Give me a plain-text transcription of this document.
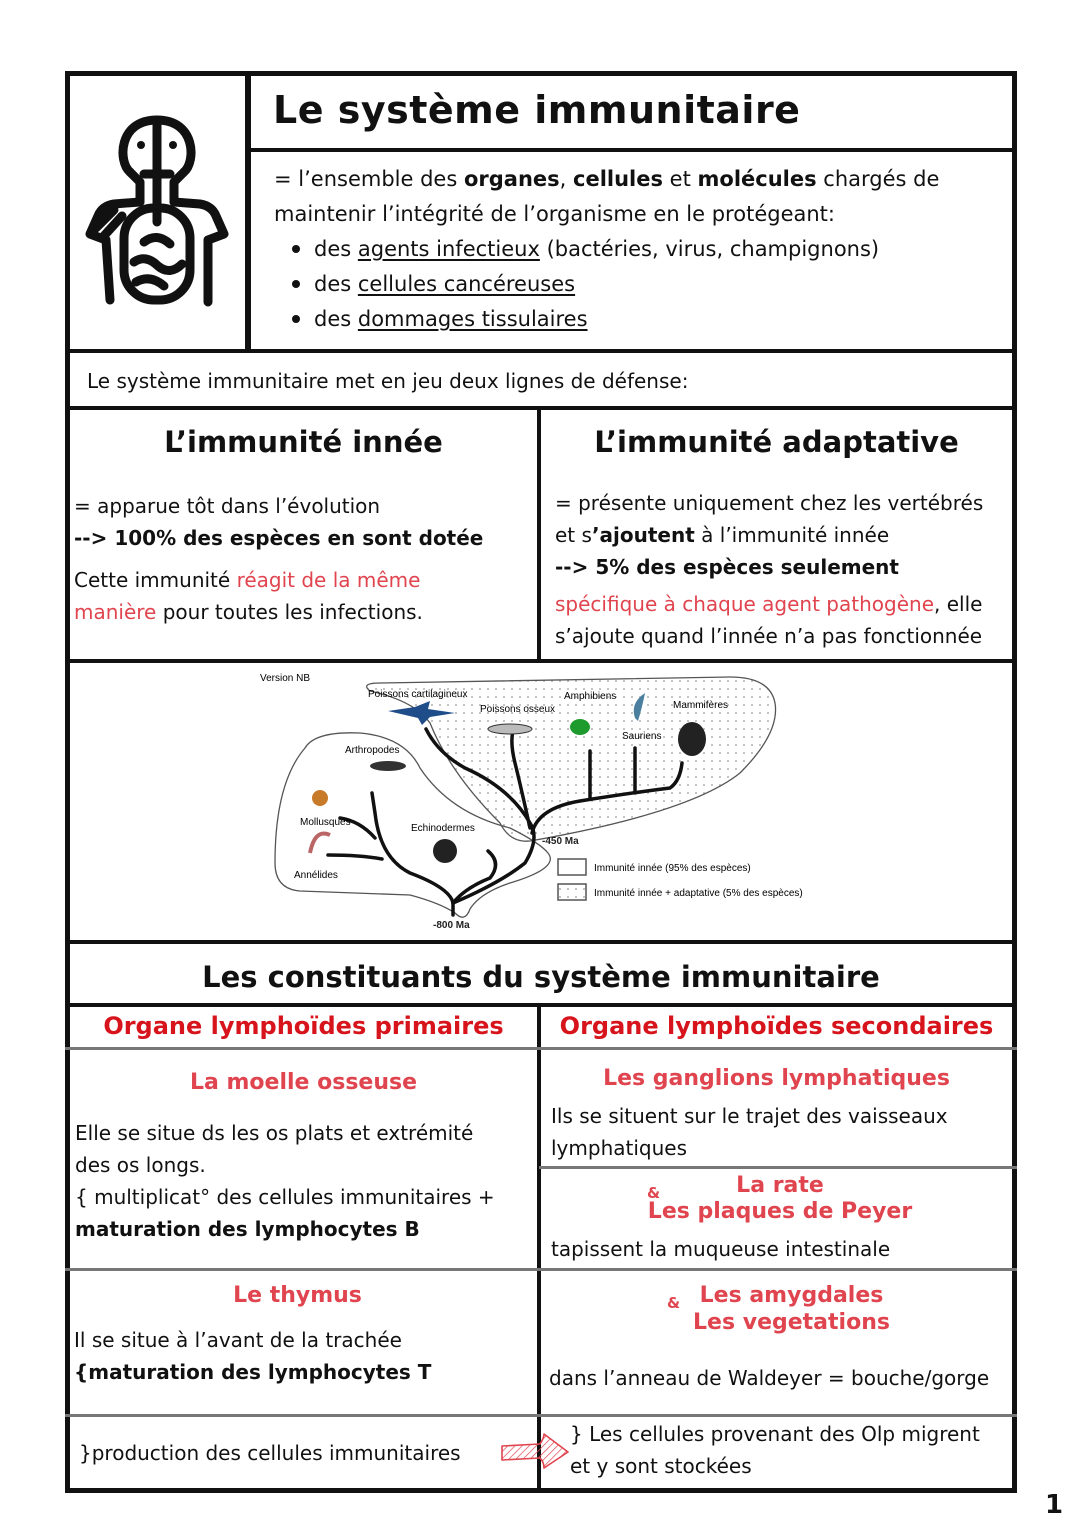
Le système immunitaire
= l’ensemble des organes, cellules et molécules chargés de
maintenir l’intégrité de l’organisme en le protégeant:
des agents infectieux (bactéries, virus, champignons)
des cellules cancéreuses
des dommages tissulaires
Le système immunitaire met en jeu deux lignes de défense:
L’immunité innée
= apparue tôt dans l’évolution
--> 100% des espèces en sont dotée
Cette immunité réagit de la même
manière pour toutes les infections.
L’immunité adaptative
= présente uniquement chez les vertébrés
et s’ajoutent à l’immunité innée
--> 5% des espèces seulement
spécifique à chaque agent pathogène, elle
s’ajoute quand l’innée n’a pas fonctionnée
Version NB
Poissons cartilagineux
Poissons osseux
Amphibiens
Sauriens
Mammifères
Arthropodes
Mollusques
Annélides
Echinodermes
-450 Ma
-800 Ma
Immunité innée (95% des espèces)
Immunité innée + adaptative (5% des espèces)
Les constituants du système immunitaire
Organe lymphoïdes primaires	Organe lymphoïdes secondaires
La moelle osseuse
Elle se situe ds les os plats et extrémité
des os longs.
{ multiplicat° des cellules immunitaires +
maturation des lymphocytes B
Le thymus
Il se situe à l’avant de la trachée
{maturation des lymphocytes T
}production des cellules immunitaires
Les ganglions lymphatiques
Ils se situent sur le trajet des vaisseaux
lymphatiques
&	La rate
Les plaques de Peyer
tapissent la muqueuse intestinale
& Les amygdales
Les vegetations
dans l’anneau de Waldeyer = bouche/gorge
} Les cellules provenant des Olp migrent
et y sont stockées
1
